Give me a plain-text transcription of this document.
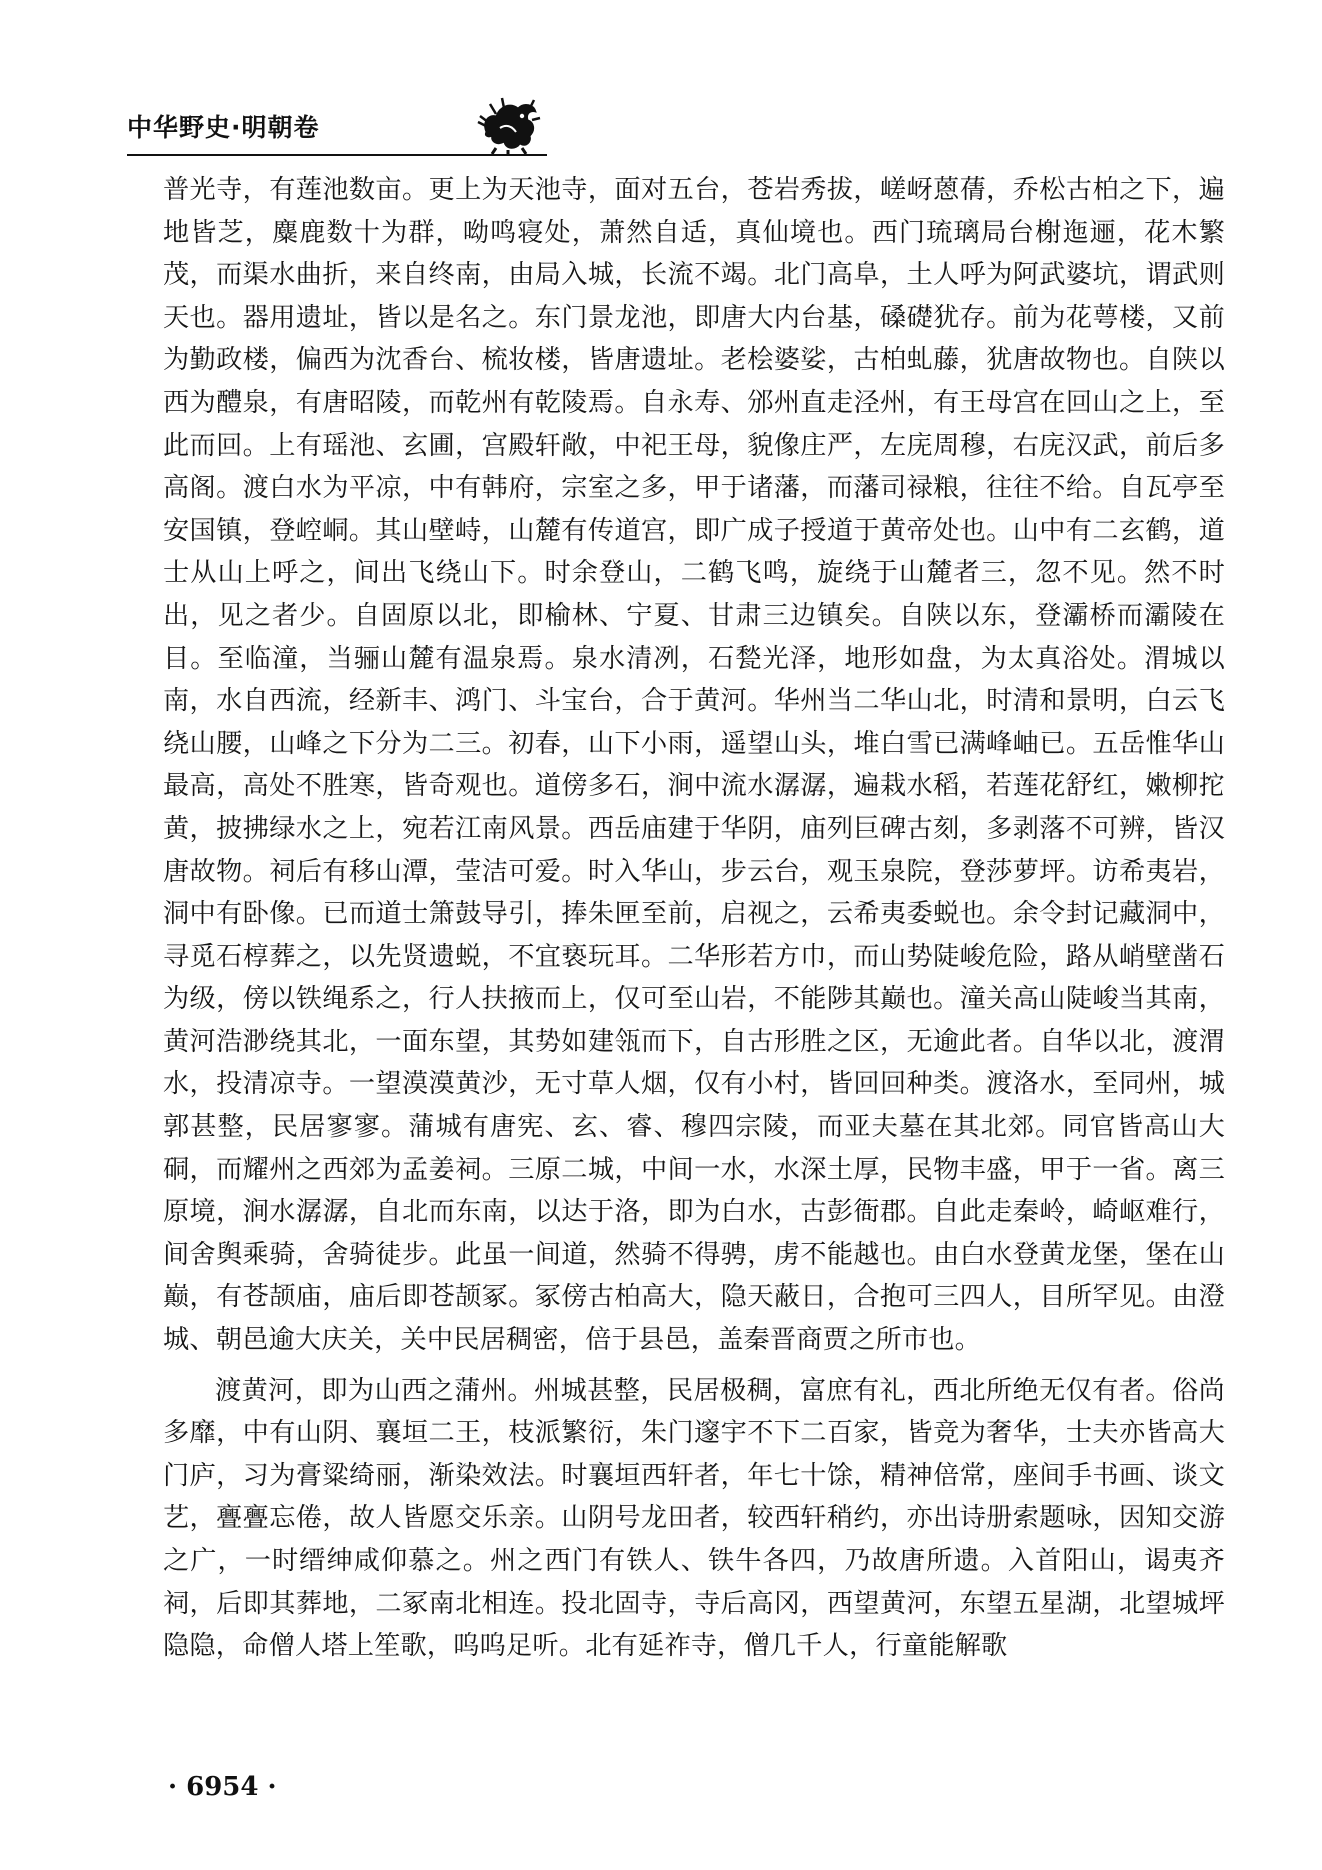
中华野史·明朝卷

普光寺，有莲池数亩。更上为天池寺，面对五台，苍岩秀拔，嵯岈蒽蒨，乔松古柏之下，遍地皆芝，麋鹿数十为群，呦鸣寝处，萧然自适，真仙境也。西门琉璃局台榭迤逦，花木繁茂，而渠水曲折，来自终南，由局入城，长流不竭。北门高阜，土人呼为阿武婆坑，谓武则天也。器用遗址，皆以是名之。东门景龙池，即唐大内台基，磉礎犹存。前为花萼楼，又前为勤政楼，偏西为沈香台、梳妆楼，皆唐遗址。老桧婆娑，古柏虬藤，犹唐故物也。自陕以西为醴泉，有唐昭陵，而乾州有乾陵焉。自永寿、邠州直走泾州，有王母宫在回山之上，至此而回。上有瑶池、玄圃，宫殿轩敞，中祀王母，貌像庄严，左庑周穆，右庑汉武，前后多高阁。渡白水为平凉，中有韩府，宗室之多，甲于诸藩，而藩司禄粮，往往不给。自瓦亭至安国镇，登崆峒。其山壁峙，山麓有传道宫，即广成子授道于黄帝处也。山中有二玄鹤，道士从山上呼之，间出飞绕山下。时余登山，二鹤飞鸣，旋绕于山麓者三，忽不见。然不时出，见之者少。自固原以北，即榆林、宁夏、甘肃三边镇矣。自陕以东，登灞桥而灞陵在目。至临潼，当骊山麓有温泉焉。泉水清冽，石甃光泽，地形如盘，为太真浴处。渭城以南，水自西流，经新丰、鸿门、斗宝台，合于黄河。华州当二华山北，时清和景明，白云飞绕山腰，山峰之下分为二三。初春，山下小雨，遥望山头，堆白雪已满峰岫已。五岳惟华山最高，高处不胜寒，皆奇观也。道傍多石，涧中流水潺潺，遍栽水稻，若莲花舒红，嫩柳拕黄，披拂绿水之上，宛若江南风景。西岳庙建于华阴，庙列巨碑古刻，多剥落不可辨，皆汉唐故物。祠后有移山潭，莹洁可爱。时入华山，步云台，观玉泉院，登莎萝坪。访希夷岩，洞中有卧像。已而道士箫鼓导引，捧朱匣至前，启视之，云希夷委蜕也。余令封记藏洞中，寻觅石椁葬之，以先贤遗蜕，不宜亵玩耳。二华形若方巾，而山势陡峻危险，路从峭壁凿石为级，傍以铁绳系之，行人扶掖而上，仅可至山岩，不能陟其巅也。潼关高山陡峻当其南，黄河浩渺绕其北，一面东望，其势如建瓴而下，自古形胜之区，无逾此者。自华以北，渡渭水，投清凉寺。一望漠漠黄沙，无寸草人烟，仅有小村，皆回回种类。渡洛水，至同州，城郭甚整，民居寥寥。蒲城有唐宪、玄、睿、穆四宗陵，而亚夫墓在其北郊。同官皆高山大硐，而耀州之西郊为孟姜祠。三原二城，中间一水，水深土厚，民物丰盛，甲于一省。离三原境，涧水潺潺，自北而东南，以达于洛，即为白水，古彭衙郡。自此走秦岭，崎岖难行，间舍舆乘骑，舍骑徒步。此虽一间道，然骑不得骋，虏不能越也。由白水登黄龙堡，堡在山巅，有苍颉庙，庙后即苍颉冢。冢傍古柏高大，隐天蔽日，合抱可三四人，目所罕见。由澄城、朝邑逾大庆关，关中民居稠密，倍于县邑，盖秦晋商贾之所市也。

渡黄河，即为山西之蒲州。州城甚整，民居极稠，富庶有礼，西北所绝无仅有者。俗尚多靡，中有山阴、襄垣二王，枝派繁衍，朱门邃宇不下二百家，皆竞为奢华，士夫亦皆高大门庐，习为膏粱绮丽，渐染效法。时襄垣西轩者，年七十馀，精神倍常，座间手书画、谈文艺，亹亹忘倦，故人皆愿交乐亲。山阴号龙田者，较西轩稍约，亦出诗册索题咏，因知交游之广，一时缙绅咸仰慕之。州之西门有铁人、铁牛各四，乃故唐所遗。入首阳山，谒夷齐祠，后即其葬地，二冢南北相连。投北固寺，寺后高冈，西望黄河，东望五星湖，北望城坪隐隐，命僧人塔上笙歌，呜呜足听。北有延祚寺，僧几千人，行童能解歌

· 6954 ·
